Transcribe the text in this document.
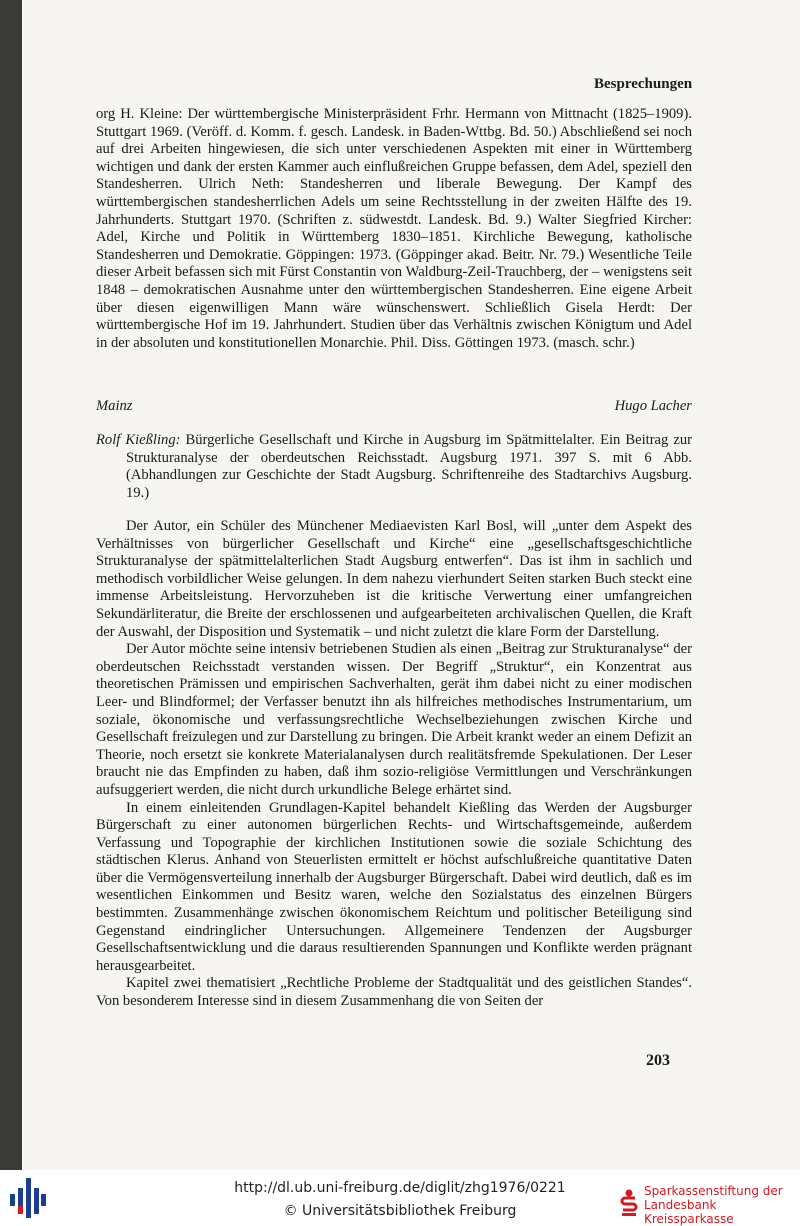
Besprechungen

org H. Kleine: Der württembergische Ministerpräsident Frhr. Hermann von Mittnacht (1825–1909). Stuttgart 1969. (Veröff. d. Komm. f. gesch. Landesk. in Baden-Wttbg. Bd. 50.) Abschließend sei noch auf drei Arbeiten hingewiesen, die sich unter verschiedenen Aspekten mit einer in Württemberg wichtigen und dank der ersten Kammer auch einflußreichen Gruppe befassen, dem Adel, speziell den Standesherren. Ulrich Neth: Standesherren und liberale Bewegung. Der Kampf des württembergischen standesherrlichen Adels um seine Rechtsstellung in der zweiten Hälfte des 19. Jahrhunderts. Stuttgart 1970. (Schriften z. südwestdt. Landesk. Bd. 9.) Walter Siegfried Kircher: Adel, Kirche und Politik in Württemberg 1830–1851. Kirchliche Bewegung, katholische Standesherren und Demokratie. Göppingen: 1973. (Göppinger akad. Beitr. Nr. 79.) Wesentliche Teile dieser Arbeit befassen sich mit Fürst Constantin von Waldburg-Zeil-Trauchberg, der – wenigstens seit 1848 – demokratischen Ausnahme unter den württembergischen Standesherren. Eine eigene Arbeit über diesen eigenwilligen Mann wäre wünschenswert. Schließlich Gisela Herdt: Der württembergische Hof im 19. Jahrhundert. Studien über das Verhältnis zwischen Königtum und Adel in der absoluten und konstitutionellen Monarchie. Phil. Diss. Göttingen 1973. (masch. schr.)

Mainz	Hugo Lacher
Rolf Kießling: Bürgerliche Gesellschaft und Kirche in Augsburg im Spätmittelalter. Ein Beitrag zur Strukturanalyse der oberdeutschen Reichsstadt. Augsburg 1971. 397 S. mit 6 Abb. (Abhandlungen zur Geschichte der Stadt Augsburg. Schriftenreihe des Stadtarchivs Augsburg. 19.)

Der Autor, ein Schüler des Münchener Mediaevisten Karl Bosl, will „unter dem Aspekt des Verhältnisses von bürgerlicher Gesellschaft und Kirche“ eine „gesellschaftsgeschichtliche Strukturanalyse der spätmittelalterlichen Stadt Augsburg entwerfen“. Das ist ihm in sachlich und methodisch vorbildlicher Weise gelungen. In dem nahezu vierhundert Seiten starken Buch steckt eine immense Arbeitsleistung. Hervorzuheben ist die kritische Verwertung einer umfangreichen Sekundärliteratur, die Breite der erschlossenen und aufgearbeiteten archivalischen Quellen, die Kraft der Auswahl, der Disposition und Systematik – und nicht zuletzt die klare Form der Darstellung.

Der Autor möchte seine intensiv betriebenen Studien als einen „Beitrag zur Strukturanalyse“ der oberdeutschen Reichsstadt verstanden wissen. Der Begriff „Struktur“, ein Konzentrat aus theoretischen Prämissen und empirischen Sachverhalten, gerät ihm dabei nicht zu einer modischen Leer- und Blindformel; der Verfasser benutzt ihn als hilfreiches methodisches Instrumentarium, um soziale, ökonomische und verfassungsrechtliche Wechselbeziehungen zwischen Kirche und Gesellschaft freizulegen und zur Darstellung zu bringen. Die Arbeit krankt weder an einem Defizit an Theorie, noch ersetzt sie konkrete Materialanalysen durch realitätsfremde Spekulationen. Der Leser braucht nie das Empfinden zu haben, daß ihm sozio-religiöse Vermittlungen und Verschränkungen aufsuggeriert werden, die nicht durch urkundliche Belege erhärtet sind.

In einem einleitenden Grundlagen-Kapitel behandelt Kießling das Werden der Augsburger Bürgerschaft zu einer autonomen bürgerlichen Rechts- und Wirtschaftsgemeinde, außerdem Verfassung und Topographie der kirchlichen Institutionen sowie die soziale Schichtung des städtischen Klerus. Anhand von Steuerlisten ermittelt er höchst aufschlußreiche quantitative Daten über die Vermögensverteilung innerhalb der Augsburger Bürgerschaft. Dabei wird deutlich, daß es im wesentlichen Einkommen und Besitz waren, welche den Sozialstatus des einzelnen Bürgers bestimmten. Zusammenhänge zwischen ökonomischem Reichtum und politischer Beteiligung sind Gegenstand eindringlicher Untersuchungen. Allgemeinere Tendenzen der Augsburger Gesellschaftsentwicklung und die daraus resultierenden Spannungen und Konflikte werden prägnant herausgearbeitet.

Kapitel zwei thematisiert „Rechtliche Probleme der Stadtqualität und des geistlichen Standes“. Von besonderem Interesse sind in diesem Zusammenhang die von Seiten der

203
http://dl.ub.uni-freiburg.de/diglit/zhg1976/0221
© Universitätsbibliothek Freiburg
Sparkassenstiftung der
Landesbank Kreissparkasse
